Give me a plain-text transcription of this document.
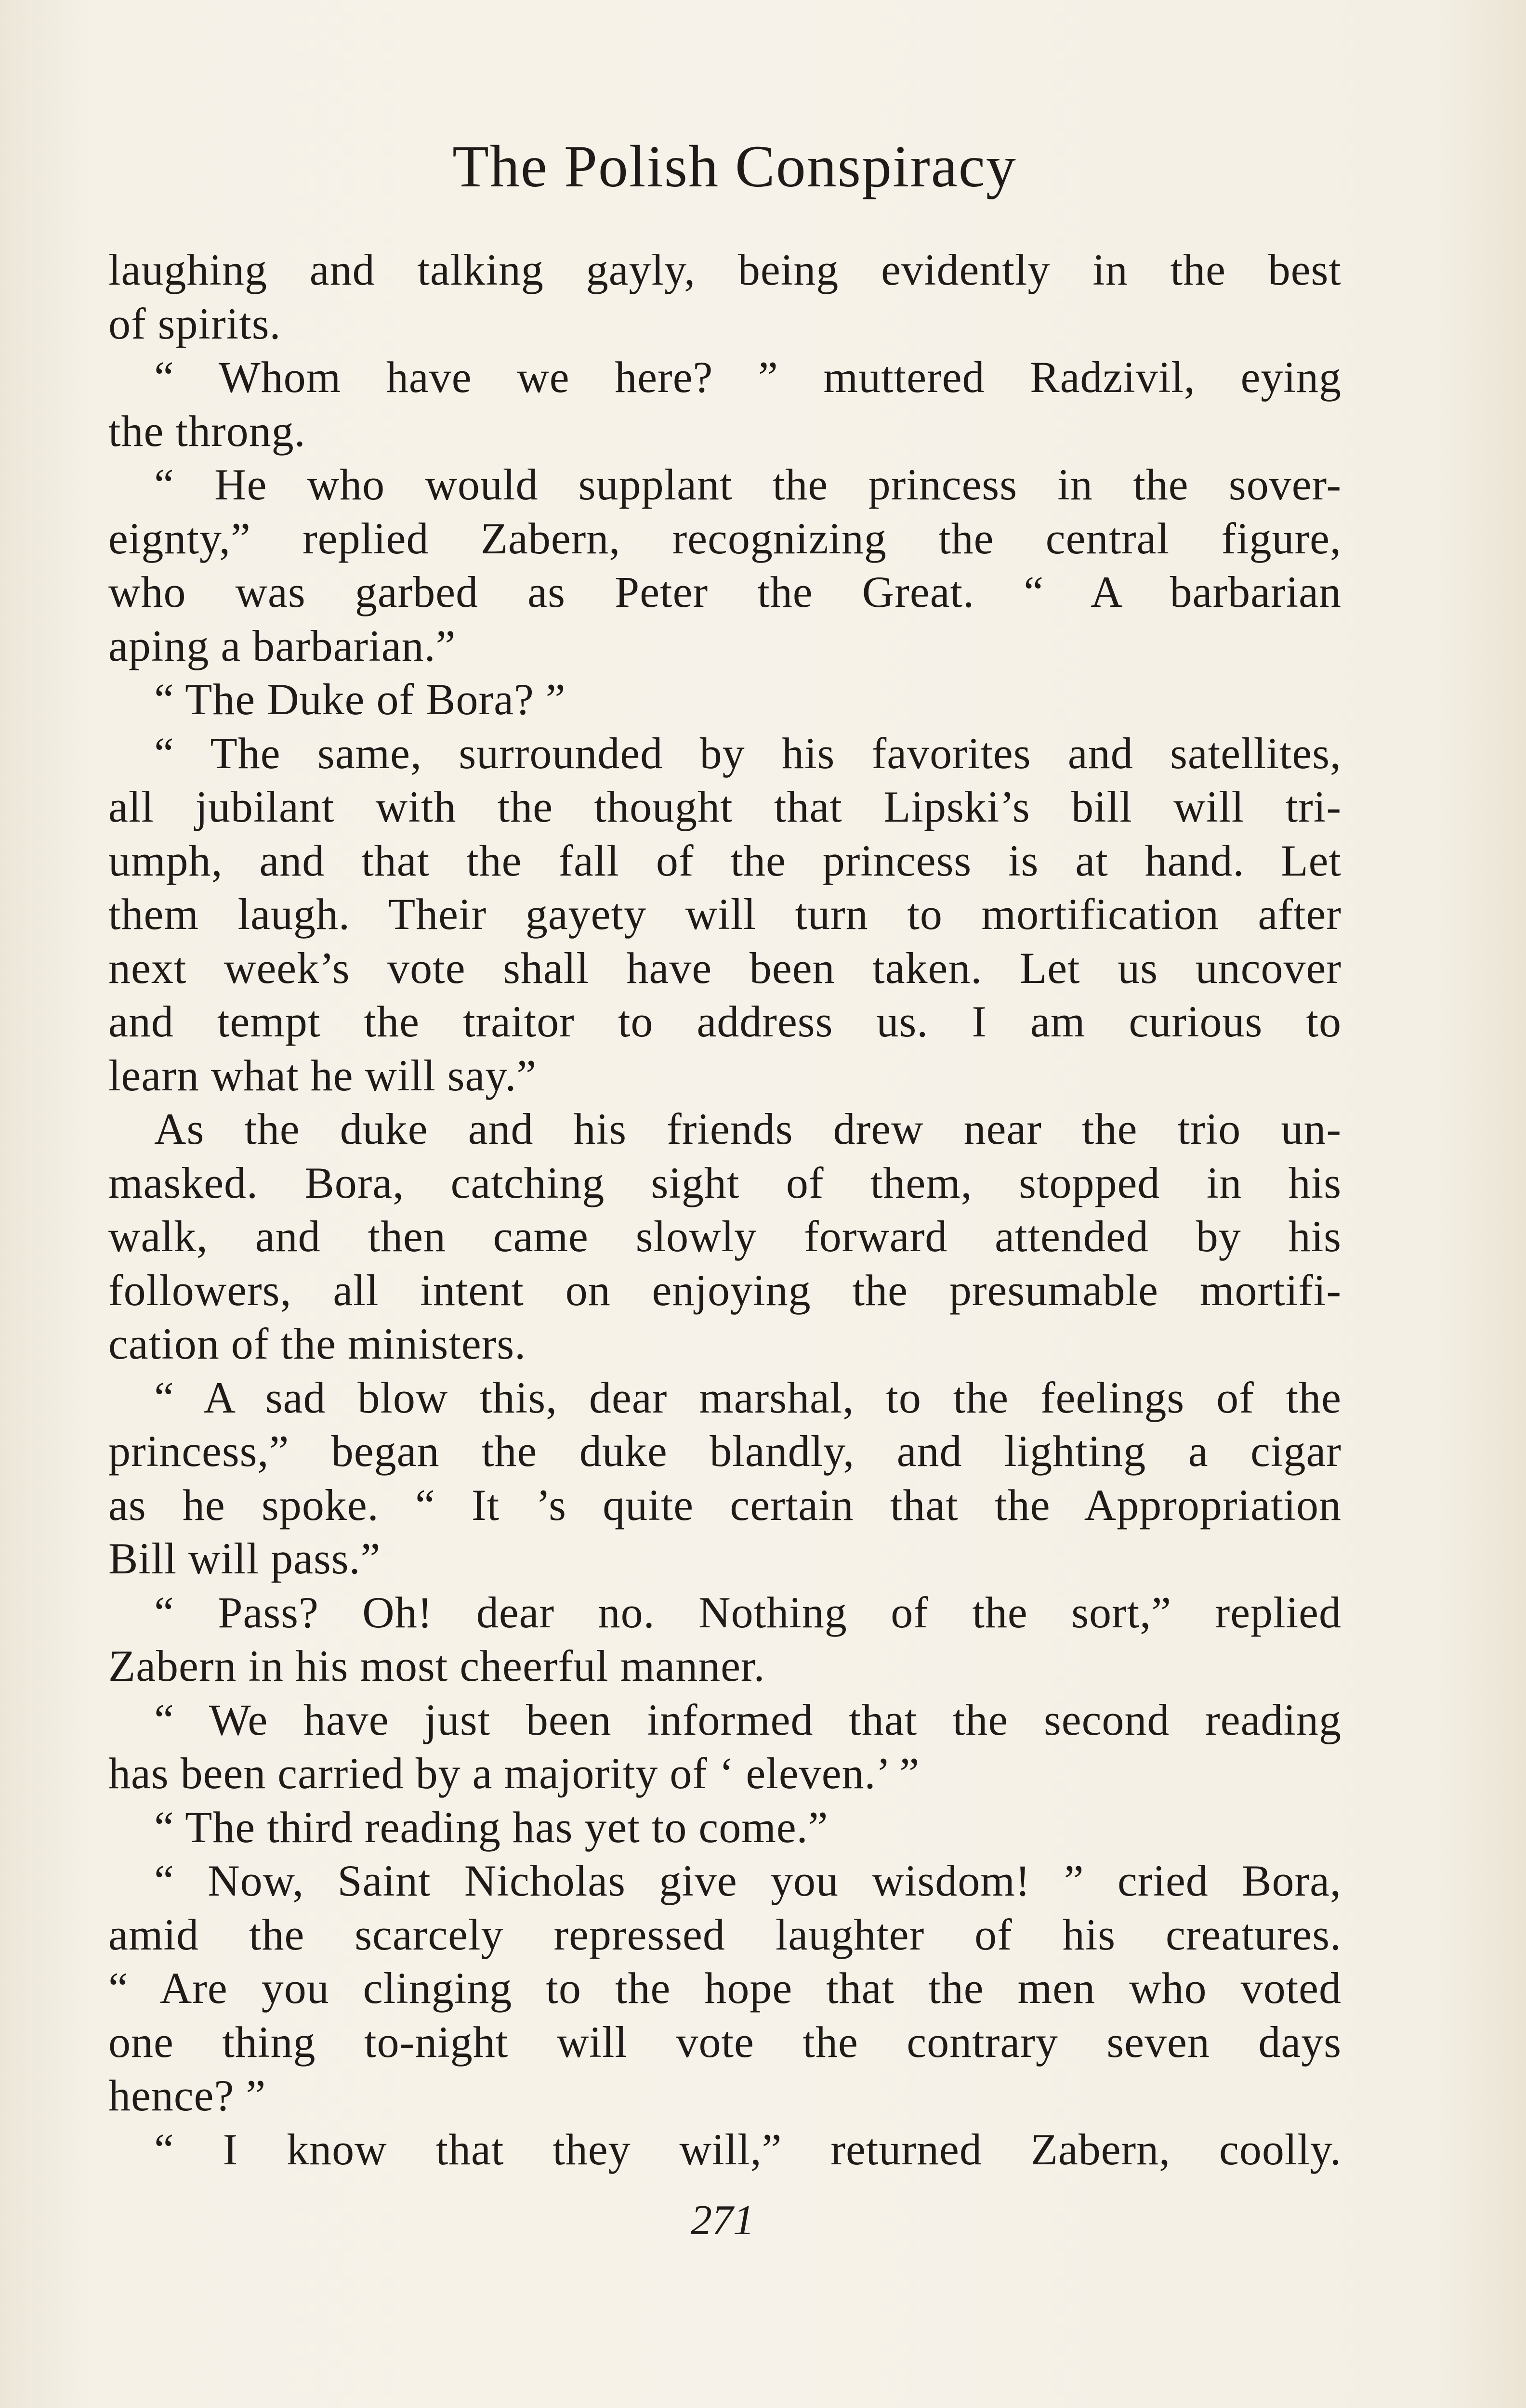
The Polish Conspiracy
laughing and talking gayly, being evidently in the best
of spirits.
“ Whom have we here? ” muttered Radzivil, eying
the throng.
“ He who would supplant the princess in the sover-
eignty,” replied Zabern, recognizing the central figure,
who was garbed as Peter the Great. “ A barbarian
aping a barbarian.”
“ The Duke of Bora? ”
“ The same, surrounded by his favorites and satellites,
all jubilant with the thought that Lipski’s bill will tri-
umph, and that the fall of the princess is at hand. Let
them laugh. Their gayety will turn to mortification after
next week’s vote shall have been taken. Let us uncover
and tempt the traitor to address us. I am curious to
learn what he will say.”
As the duke and his friends drew near the trio un-
masked. Bora, catching sight of them, stopped in his
walk, and then came slowly forward attended by his
followers, all intent on enjoying the presumable mortifi-
cation of the ministers.
“ A sad blow this, dear marshal, to the feelings of the
princess,” began the duke blandly, and lighting a cigar
as he spoke. “ It ’s quite certain that the Appropriation
Bill will pass.”
“ Pass? Oh! dear no. Nothing of the sort,” replied
Zabern in his most cheerful manner.
“ We have just been informed that the second reading
has been carried by a majority of ‘ eleven.’ ”
“ The third reading has yet to come.”
“ Now, Saint Nicholas give you wisdom! ” cried Bora,
amid the scarcely repressed laughter of his creatures.
“ Are you clinging to the hope that the men who voted
one thing to-night will vote the contrary seven days
hence? ”
“ I know that they will,” returned Zabern, coolly.
271
